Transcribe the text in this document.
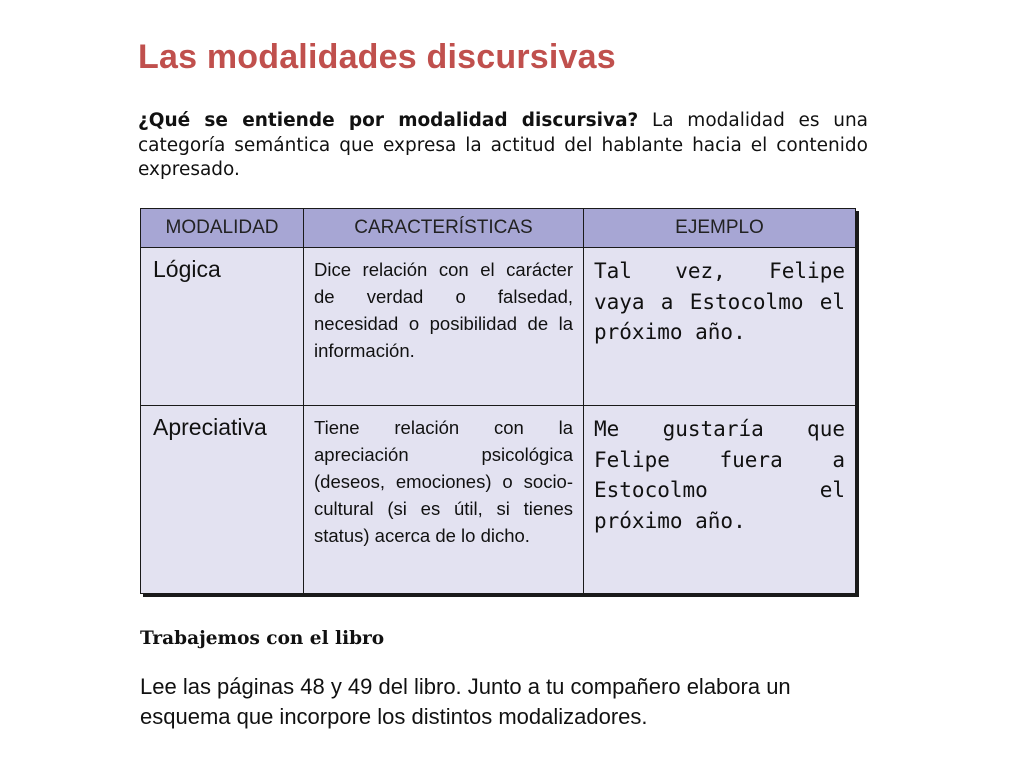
Las modalidades discursivas

¿Qué se entiende por modalidad discursiva? La modalidad es una categoría semántica que expresa la actitud del hablante hacia el contenido expresado.

MODALIDAD	CARACTERÍSTICAS	EJEMPLO

Lógica	Dice relación con el carácter de verdad o falsedad, necesidad o posibilidad de la información.	Tal vez, Felipe vaya a Estocolmo el próximo año.

Apreciativa	Tiene relación con la apreciación psicológica (deseos, emociones) o socio-cultural (si es útil, si tienes status) acerca de lo dicho.	Me gustaría que Felipe fuera a Estocolmo el próximo año.
Trabajemos con el libro

Lee las páginas 48 y 49 del libro. Junto a tu compañero elabora un esquema que incorpore los distintos modalizadores.
